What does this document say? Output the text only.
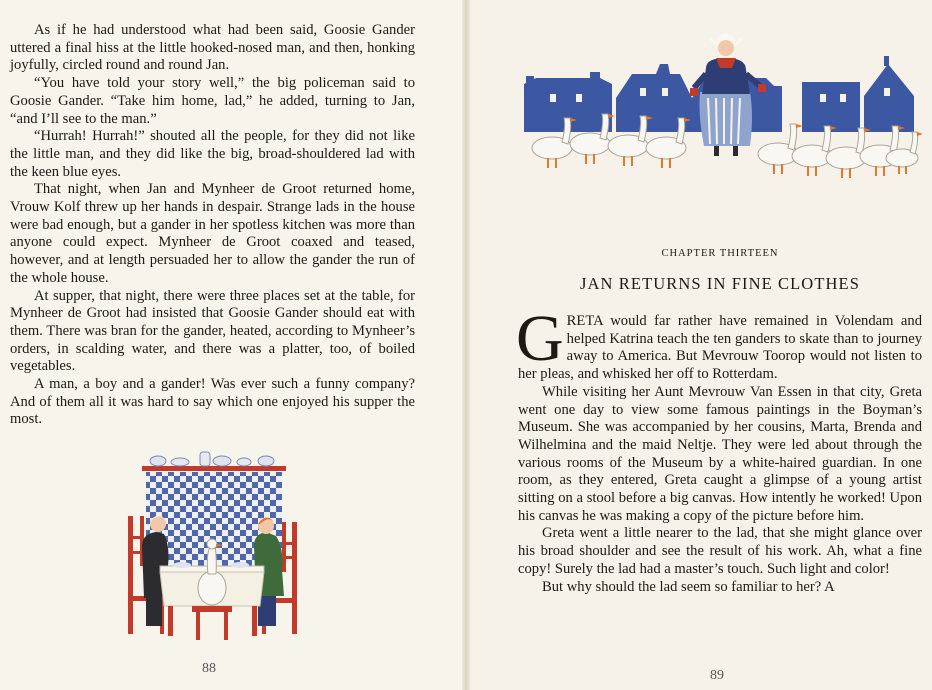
As if he had understood what had been said, Goosie Gander uttered a final hiss at the little hooked-nosed man, and then, honking joyfully, circled round and round Jan.

“You have told your story well,” the big policeman said to Goosie Gander. “Take him home, lad,” he added, turning to Jan, “and I’ll see to the man.”

“Hurrah! Hurrah!” shouted all the people, for they did not like the little man, and they did like the big, broad-shouldered lad with the keen blue eyes.

That night, when Jan and Mynheer de Groot returned home, Vrouw Kolf threw up her hands in despair. Strange lads in the house were bad enough, but a gander in her spotless kitchen was more than anyone could expect. Mynheer de Groot coaxed and teased, however, and at length persuaded her to allow the gander the run of the whole house.

At supper, that night, there were three places set at the table, for Mynheer de Groot had insisted that Goosie Gander should eat with them. There was bran for the gander, heated, according to Mynheer’s orders, in scalding water, and there was a platter, too, of boiled vegetables.

A man, a boy and a gander! Was ever such a funny company? And of them all it was hard to say which one enjoyed his supper the most.

88
CHAPTER THIRTEEN
JAN RETURNS IN FINE CLOTHES

GRETA would far rather have remained in Volendam and helped Katrina teach the ten ganders to skate than to journey away to America. But Mevrouw Toorop would not listen to her pleas, and whisked her off to Rotterdam.

While visiting her Aunt Mevrouw Van Essen in that city, Greta went one day to view some famous paintings in the Boyman’s Museum. She was accompanied by her cousins, Marta, Brenda and Wilhelmina and the maid Neltje. They were led about through the various rooms of the Museum by a white-haired guardian. In one room, as they entered, Greta caught a glimpse of a young artist sitting on a stool before a big canvas. How intently he worked! Upon his canvas he was making a copy of the picture before him.

Greta went a little nearer to the lad, that she might glance over his broad shoulder and see the result of his work. Ah, what a fine copy! Surely the lad had a master’s touch. Such light and color!

But why should the lad seem so familiar to her? A

89
